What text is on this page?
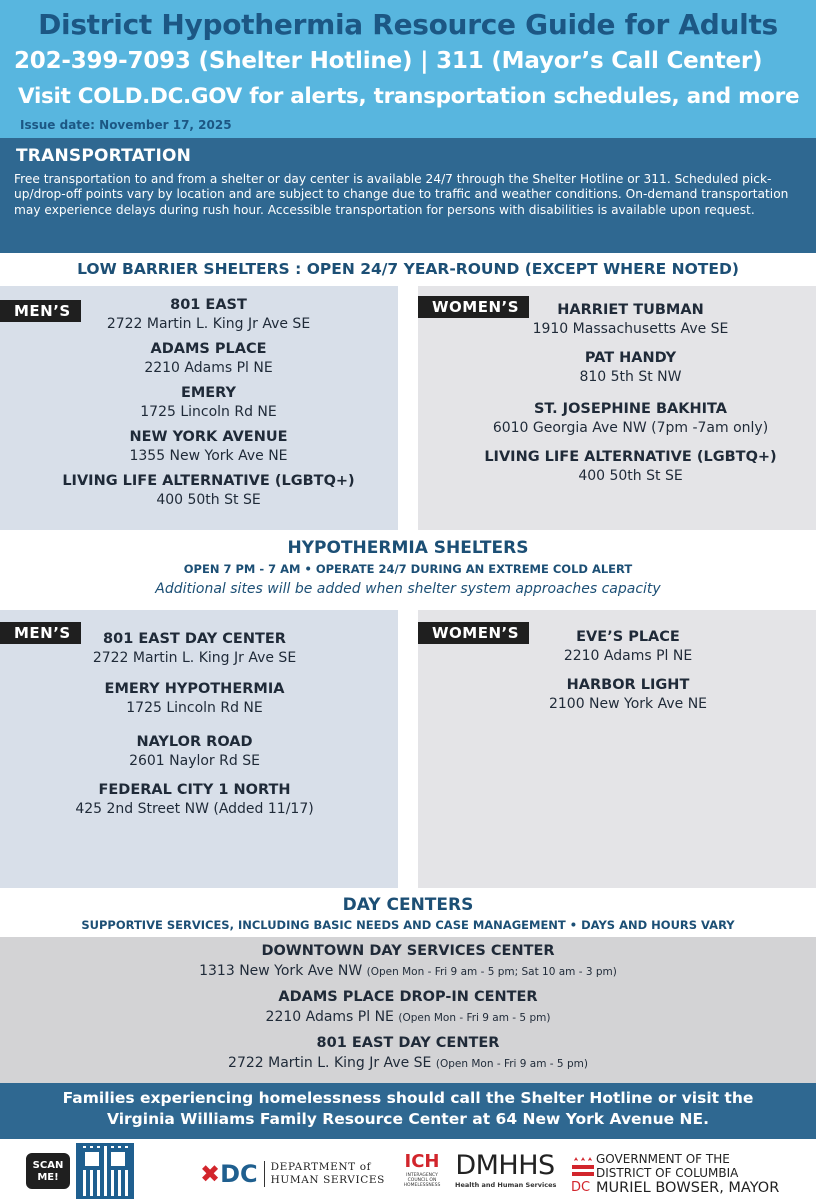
District Hypothermia Resource Guide for Adults
202-399-7093 (Shelter Hotline) | 311 (Mayor’s Call Center)
Visit COLD.DC.GOV for alerts, transportation schedules, and more
Issue date: November 17, 2025
TRANSPORTATION
Free transportation to and from a shelter or day center is available 24/7 through the Shelter Hotline or 311. Scheduled pick-up/drop-off points vary by location and are subject to change due to traffic and weather conditions. On-demand transportation may experience delays during rush hour. Accessible transportation for persons with disabilities is available upon request.
LOW BARRIER SHELTERS : OPEN 24/7 YEAR-ROUND (EXCEPT WHERE NOTED)
MEN’S	801 EAST
2722 Martin L. King Jr Ave SE
ADAMS PLACE
2210 Adams Pl NE
EMERY
1725 Lincoln Rd NE
NEW YORK AVENUE
1355 New York Ave NE
LIVING LIFE ALTERNATIVE (LGBTQ+)
400 50th St SE
WOMEN’S	HARRIET TUBMAN
1910 Massachusetts Ave SE
PAT HANDY
810 5th St NW
ST. JOSEPHINE BAKHITA
6010 Georgia Ave NW (7pm -7am only)
LIVING LIFE ALTERNATIVE (LGBTQ+)
400 50th St SE
HYPOTHERMIA SHELTERS
OPEN 7 PM - 7 AM • OPERATE 24/7 DURING AN EXTREME COLD ALERT
Additional sites will be added when shelter system approaches capacity
MEN’S	801 EAST DAY CENTER
2722 Martin L. King Jr Ave SE
EMERY HYPOTHERMIA
1725 Lincoln Rd NE
NAYLOR ROAD
2601 Naylor Rd SE
FEDERAL CITY 1 NORTH
425 2nd Street NW (Added 11/17)
WOMEN’S	EVE’S PLACE
2210 Adams Pl NE
HARBOR LIGHT
2100 New York Ave NE
DAY CENTERS
SUPPORTIVE SERVICES, INCLUDING BASIC NEEDS AND CASE MANAGEMENT • DAYS AND HOURS VARY
DOWNTOWN DAY SERVICES CENTER
1313 New York Ave NW (Open Mon - Fri 9 am - 5 pm; Sat 10 am - 3 pm)
ADAMS PLACE DROP-IN CENTER
2210 Adams Pl NE (Open Mon - Fri 9 am - 5 pm)
801 EAST DAY CENTER
2722 Martin L. King Jr Ave SE (Open Mon - Fri 9 am - 5 pm)
Families experiencing homelessness should call the Shelter Hotline or visit the
Virginia Williams Family Resource Center at 64 New York Avenue NE.
SCAN ME!	✖DC DEPARTMENT of
HUMAN SERVICES
ICH
INTERAGENCY COUNCIL ON HOMELESSNESS
DMHHS
Health and Human Services DC
GOVERNMENT OF THE
DISTRICT OF COLUMBIA
MURIEL BOWSER, MAYOR
